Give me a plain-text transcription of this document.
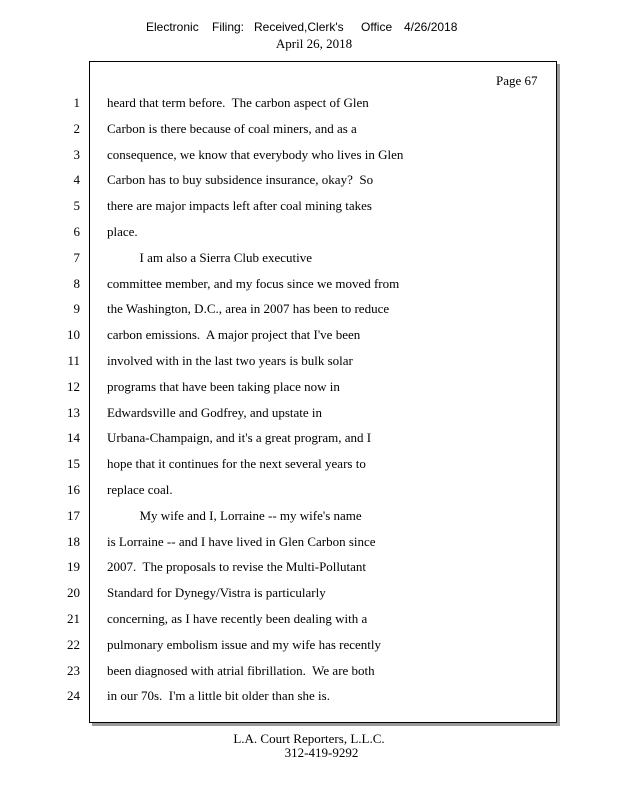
Electronic

Filing:

Received,Clerk's

Office

4/26/2018

April 26, 2018
Page 67
1 heard that term before.  The carbon aspect of Glen
2 Carbon is there because of coal miners, and as a
3 consequence, we know that everybody who lives in Glen
4 Carbon has to buy subsidence insurance, okay?  So
5 there are major impacts left after coal mining takes
6 place.
7 I am also a Sierra Club executive
8 committee member, and my focus since we moved from
9 the Washington, D.C., area in 2007 has been to reduce
10 carbon emissions.  A major project that I've been
11 involved with in the last two years is bulk solar
12 programs that have been taking place now in
13 Edwardsville and Godfrey, and upstate in
14 Urbana-Champaign, and it's a great program, and I
15 hope that it continues for the next several years to
16 replace coal.
17 My wife and I, Lorraine -- my wife's name
18 is Lorraine -- and I have lived in Glen Carbon since
19 2007.  The proposals to revise the Multi-Pollutant
20 Standard for Dynegy/Vistra is particularly
21 concerning, as I have recently been dealing with a
22 pulmonary embolism issue and my wife has recently
23 been diagnosed with atrial fibrillation.  We are both
24 in our 70s.  I'm a little bit older than she is.
L.A. Court Reporters, L.L.C.
312-419-9292
